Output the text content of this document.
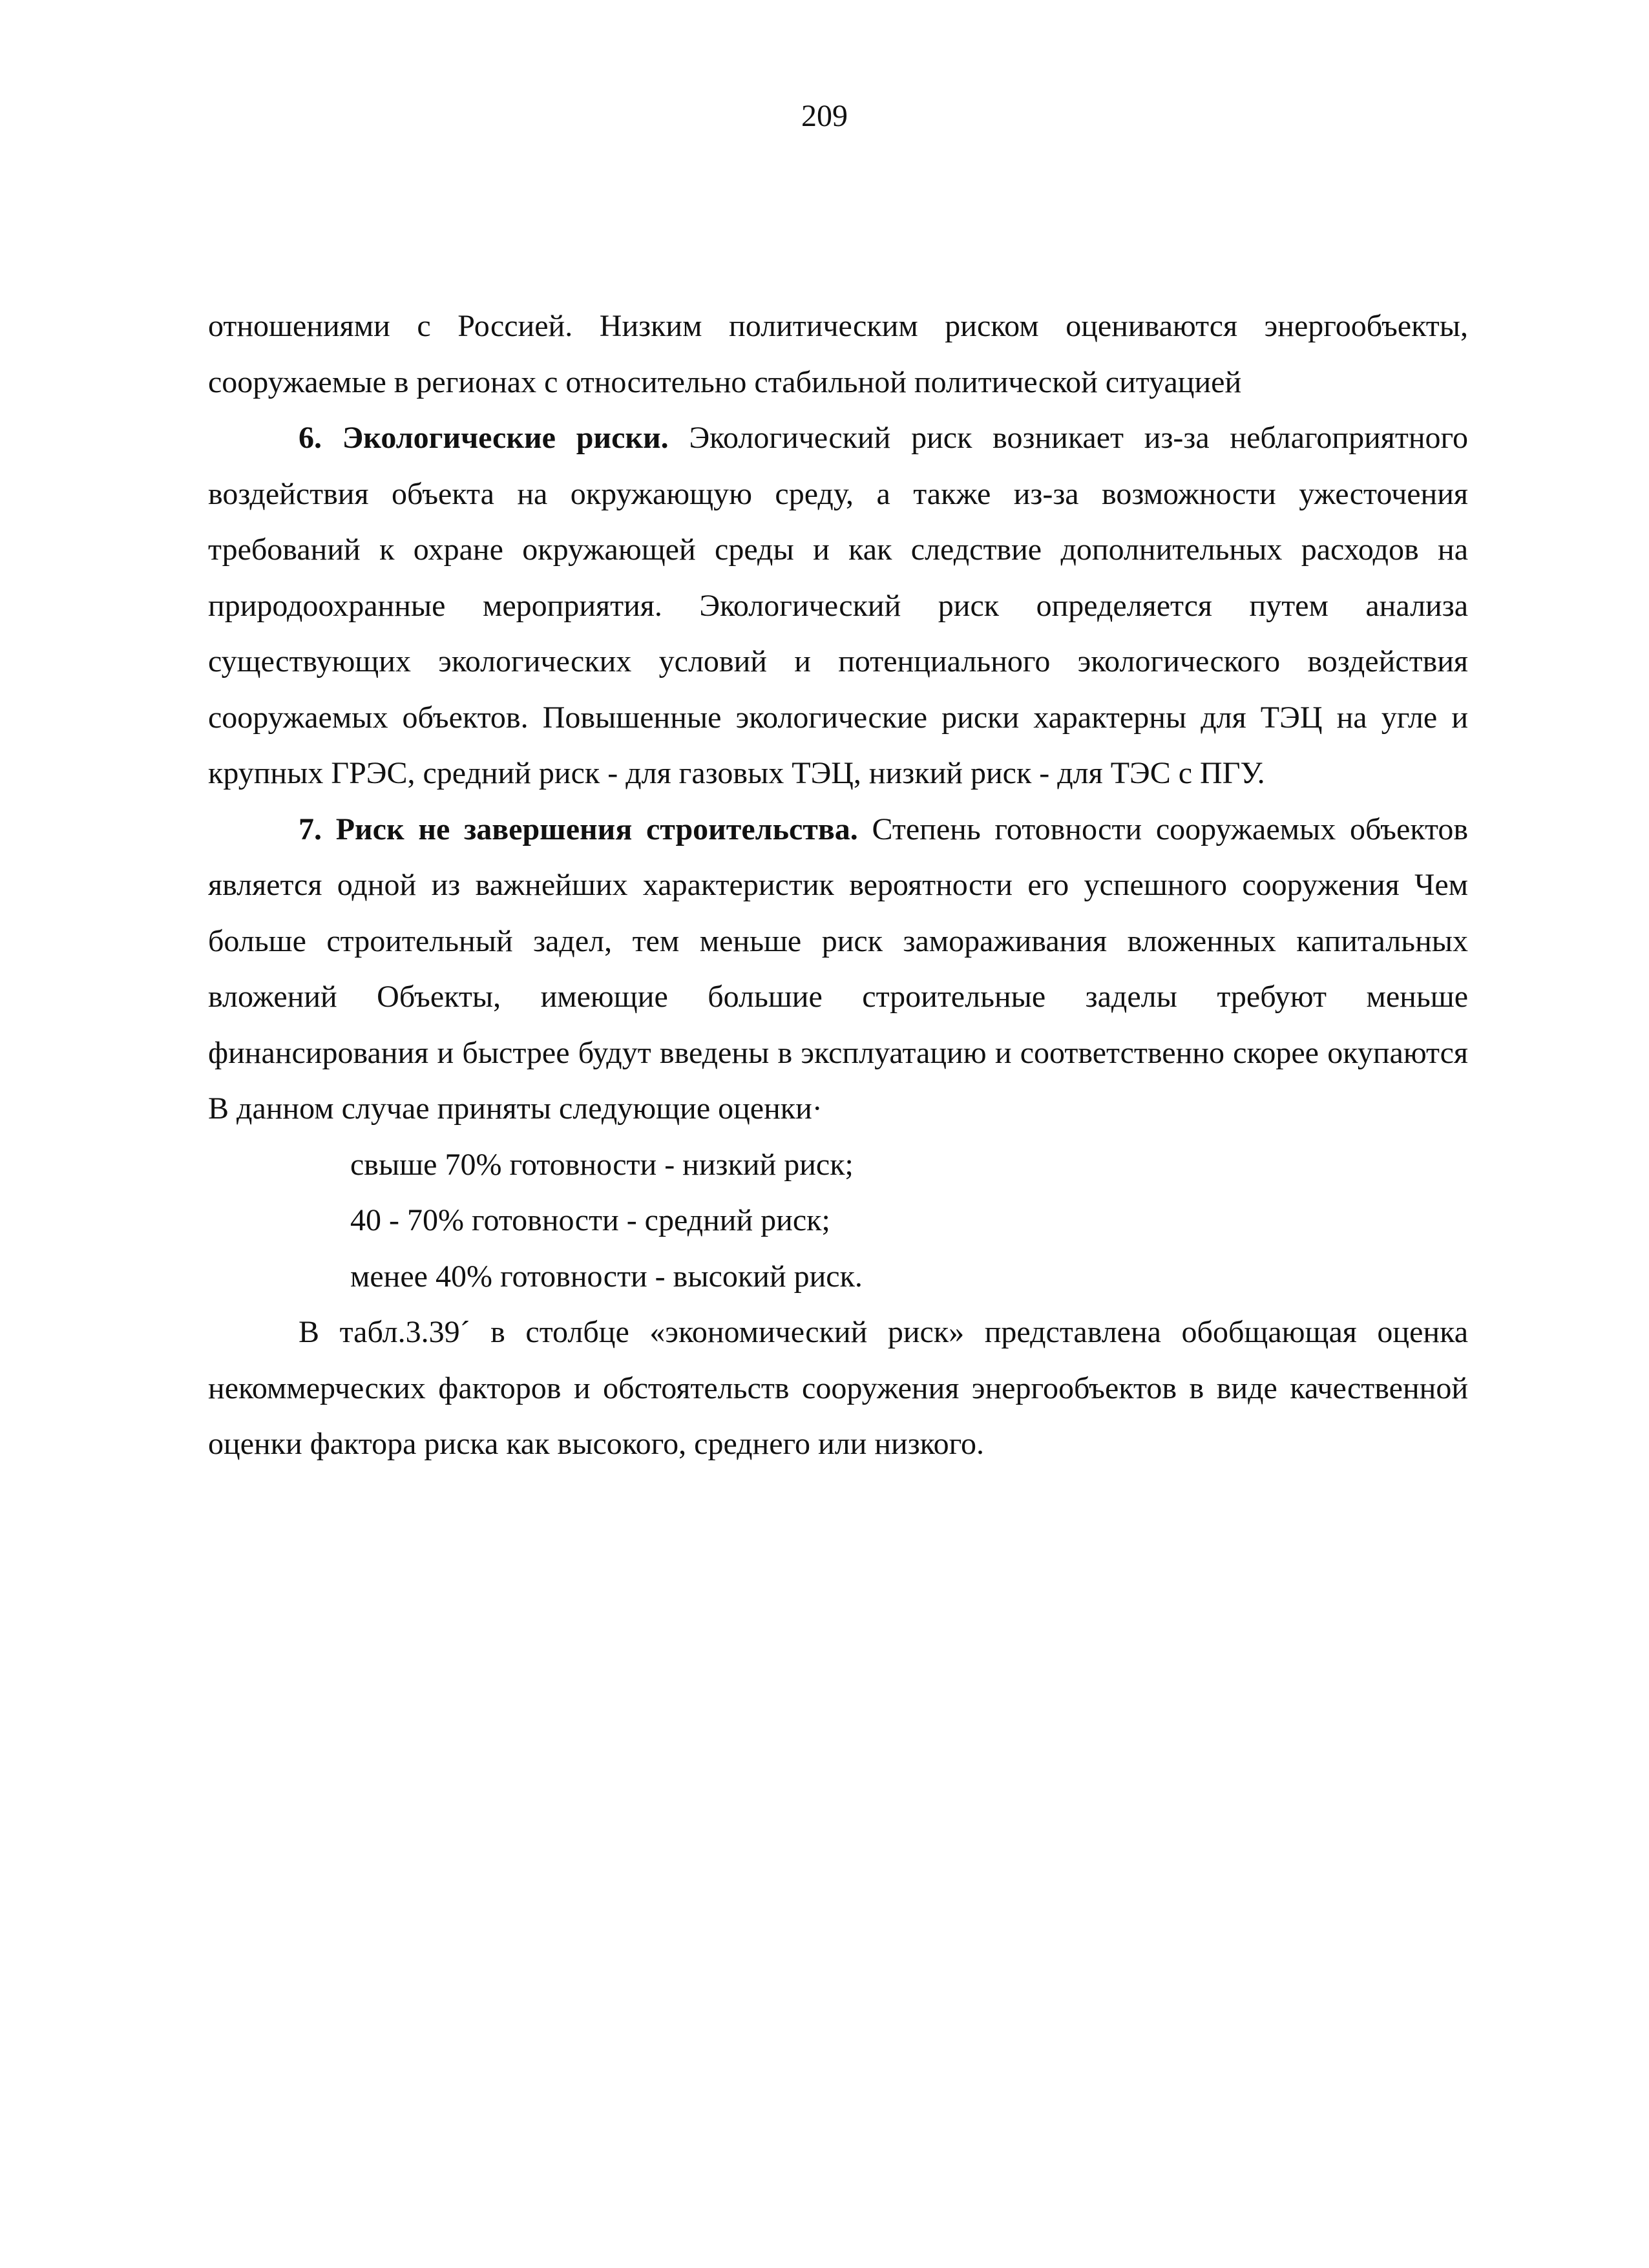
209

отношениями с Россией. Низким политическим риском оцениваются энергообъекты, сооружаемые в регионах с относительно стабильной политической ситуацией

6. Экологические риски. Экологический риск возникает из-за неблагоприятного воздействия объекта на окружающую среду, а также из-за возможности ужесточения требований к охране окружающей среды и как следствие дополнительных расходов на природоохранные мероприятия. Экологический риск определяется путем анализа существующих экологических условий и потенциального экологического воздействия сооружаемых объектов. Повышенные экологические риски характерны для ТЭЦ на угле и крупных ГРЭС, средний риск - для газовых ТЭЦ, низкий риск - для ТЭС с ПГУ.

7. Риск не завершения строительства. Степень готовности сооружаемых объектов является одной из важнейших характеристик вероятности его успешного сооружения Чем больше строительный задел, тем меньше риск замораживания вложенных капитальных вложений Объекты, имеющие большие строительные заделы требуют меньше финансирования и быстрее будут введены в эксплуатацию и соответственно скорее окупаются В данном случае приняты следующие оценки·

свыше 70% готовности - низкий риск;
40 - 70% готовности - средний риск;
менее 40% готовности - высокий риск.

В табл.3.39´ в столбце «экономический риск» представлена обобщающая оценка некоммерческих факторов и обстоятельств сооружения энергообъектов в виде качественной оценки фактора риска как высокого, среднего или низкого.
